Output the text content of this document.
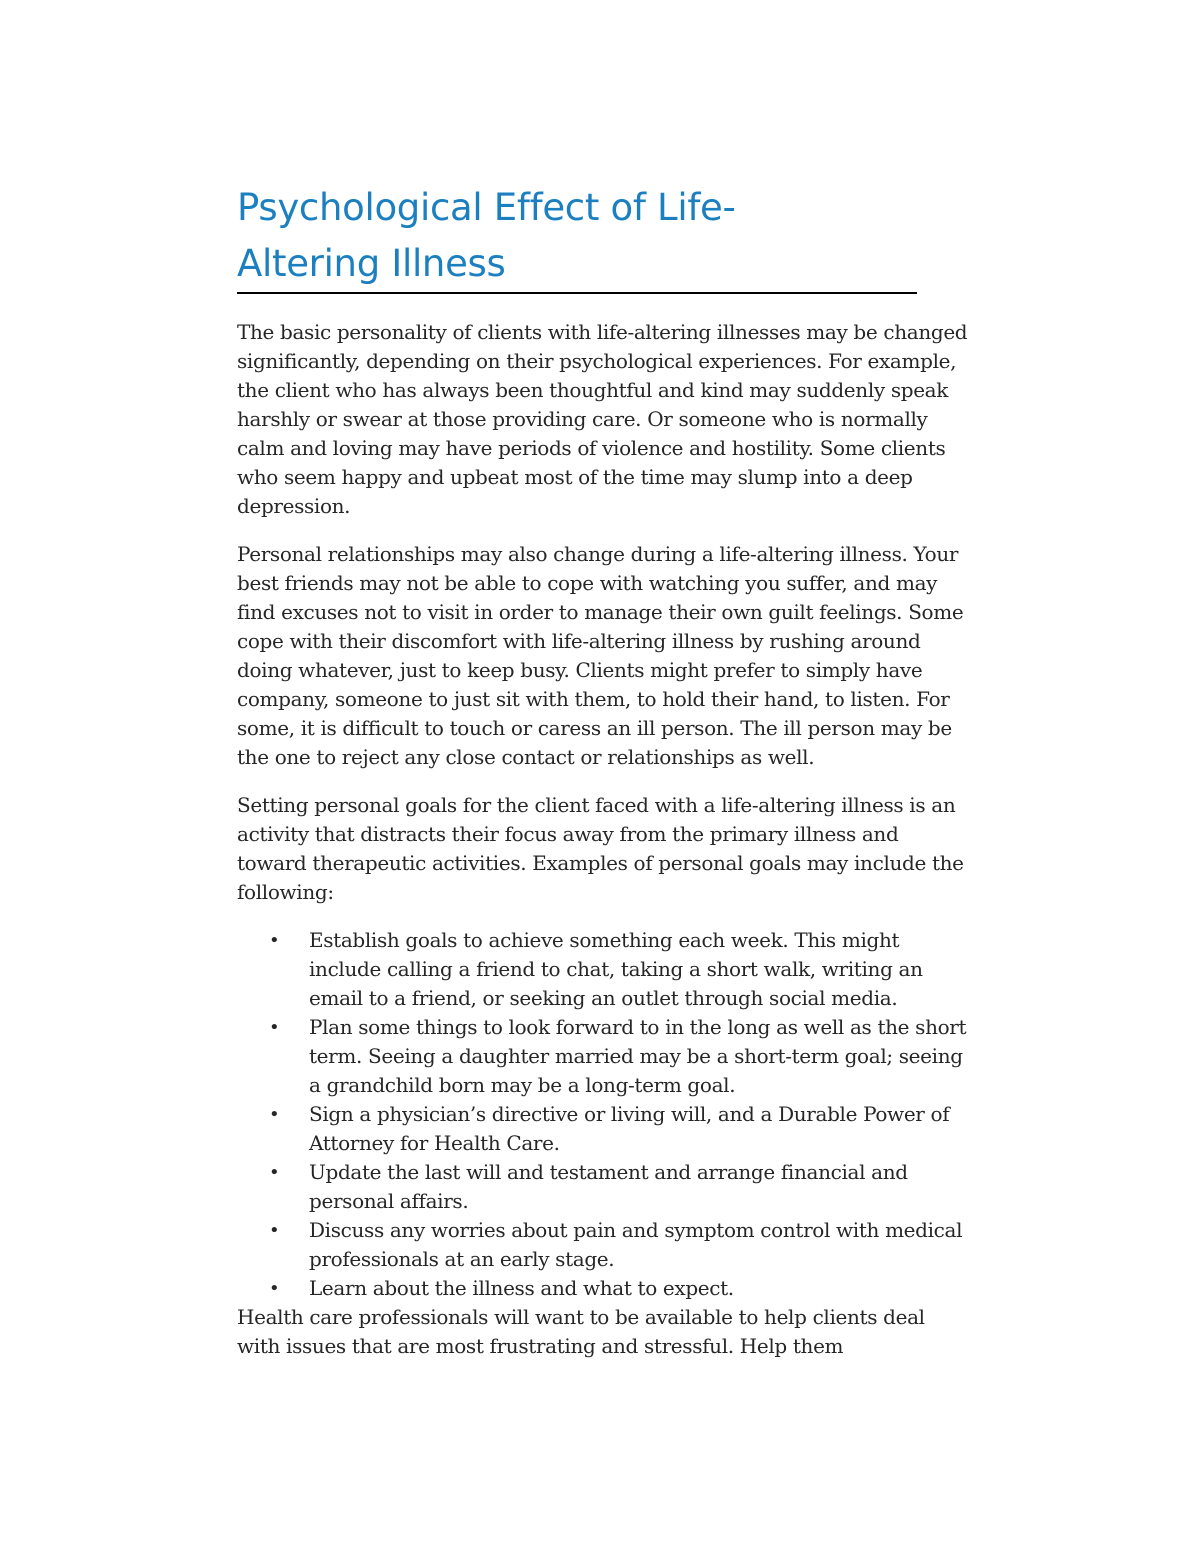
Psychological Effect of Life-Altering Illness

The basic personality of clients with life-altering illnesses may be changed significantly, depending on their psychological experiences. For example, the client who has always been thoughtful and kind may suddenly speak harshly or swear at those providing care. Or someone who is normally calm and loving may have periods of violence and hostility. Some clients who seem happy and upbeat most of the time may slump into a deep depression.

Personal relationships may also change during a life-altering illness. Your best friends may not be able to cope with watching you suffer, and may find excuses not to visit in order to manage their own guilt feelings. Some cope with their discomfort with life-altering illness by rushing around doing whatever, just to keep busy. Clients might prefer to simply have company, someone to just sit with them, to hold their hand, to listen. For some, it is difficult to touch or caress an ill person. The ill person may be the one to reject any close contact or relationships as well.

Setting personal goals for the client faced with a life-altering illness is an activity that distracts their focus away from the primary illness and toward therapeutic activities. Examples of personal goals may include the following:

• Establish goals to achieve something each week. This might include calling a friend to chat, taking a short walk, writing an email to a friend, or seeking an outlet through social media.
• Plan some things to look forward to in the long as well as the short term. Seeing a daughter married may be a short-term goal; seeing a grandchild born may be a long-term goal.
• Sign a physician’s directive or living will, and a Durable Power of Attorney for Health Care.
• Update the last will and testament and arrange financial and personal affairs.
• Discuss any worries about pain and symptom control with medical professionals at an early stage.
• Learn about the illness and what to expect.

Health care professionals will want to be available to help clients deal with issues that are most frustrating and stressful. Help them
